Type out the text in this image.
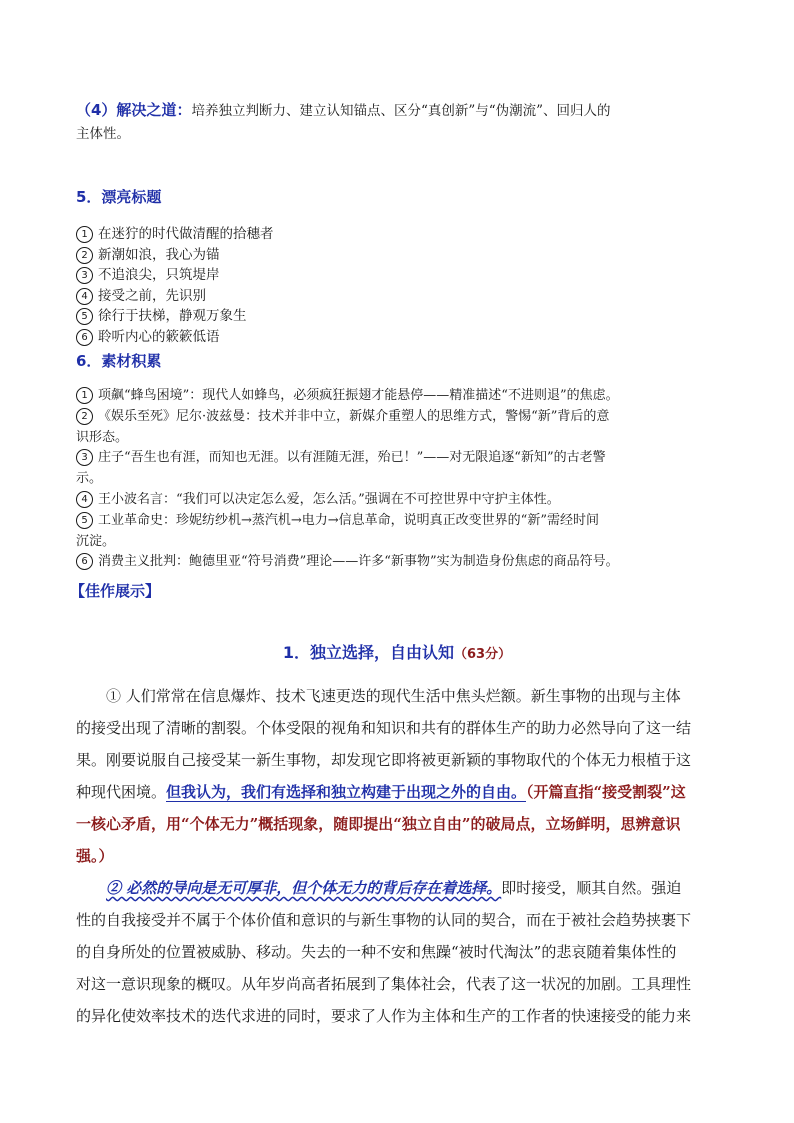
（4）解决之道：培养独立判断力、建立认知锚点、区分“真创新”与“伪潮流”、回归人的
主体性。
5．漂亮标题
1 在迷狞的时代做清醒的拾穗者
2 新潮如浪，我心为锚
3 不追浪尖，只筑堤岸
4 接受之前，先识别
5 徐行于扶梯，静观万象生
6 聆听内心的簌簌低语
6．素材积累
1 项飙“蜂鸟困境”：现代人如蜂鸟，必须疯狂振翅才能悬停——精准描述“不进则退”的焦虑。
2 《娱乐至死》尼尔·波兹曼：技术并非中立，新媒介重塑人的思维方式，警惕“新”背后的意
识形态。
3 庄子“吾生也有涯，而知也无涯。以有涯随无涯，殆已！”——对无限追逐“新知”的古老警
示。
4 王小波名言：“我们可以决定怎么爱，怎么活。”强调在不可控世界中守护主体性。
5 工业革命史：珍妮纺纱机→蒸汽机→电力→信息革命，说明真正改变世界的“新”需经时间
沉淀。
6 消费主义批判：鲍德里亚“符号消费”理论——许多“新事物”实为制造身份焦虑的商品符号。
【佳作展示】
1．独立选择，自由认知（63分）
① 人们常常在信息爆炸、技术飞速更迭的现代生活中焦头烂额。新生事物的出现与主体
的接受出现了清晰的割裂。个体受限的视角和知识和共有的群体生产的助力必然导向了这一结
果。刚要说服自己接受某一新生事物，却发现它即将被更新颖的事物取代的个体无力根植于这
种现代困境。但我认为，我们有选择和独立构建于出现之外的自由。（开篇直指“接受割裂”这
一核心矛盾，用“个体无力”概括现象，随即提出“独立自由”的破局点，立场鲜明，思辨意识
强。）
② 必然的导向是无可厚非，但个体无力的背后存在着选择。即时接受，顺其自然。强迫
性的自我接受并不属于个体价值和意识的与新生事物的认同的契合，而在于被社会趋势挟裹下
的自身所处的位置被威胁、移动。失去的一种不安和焦躁“被时代淘汰”的悲哀随着集体性的
对这一意识现象的概叹。从年岁尚高者拓展到了集体社会，代表了这一状况的加剧。工具理性
的异化使效率技术的迭代求进的同时，要求了人作为主体和生产的工作者的快速接受的能力来
